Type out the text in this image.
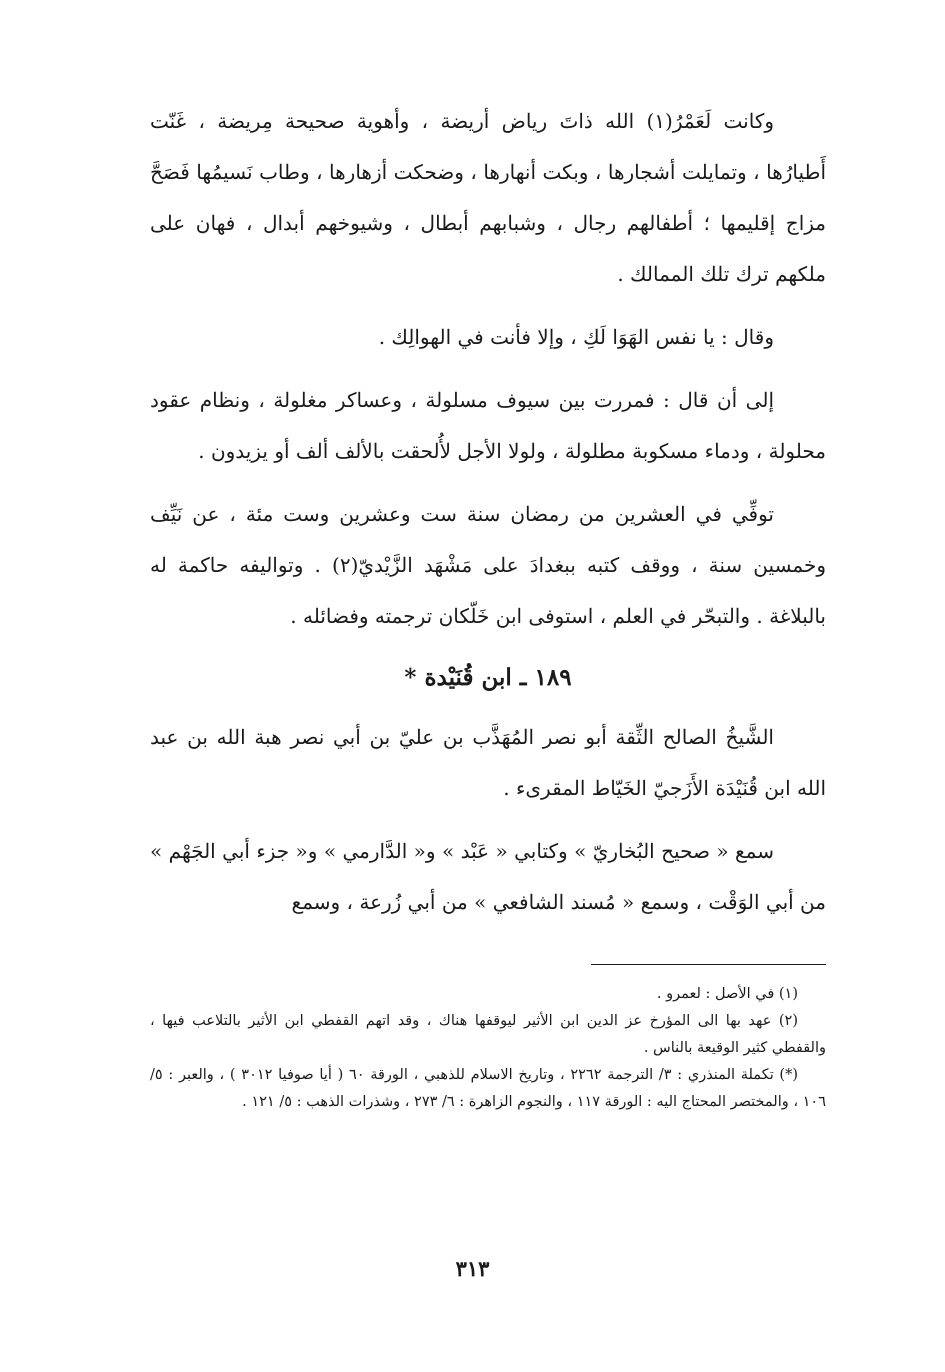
وكانت لَعَمْرُ(١) الله ذاتَ رياض أريضة ، وأهوية صحيحة مِريضة ، غَنّت أَطيارُها ، وتمايلت أشجارها ، وبكت أنهارها ، وضحكت أزهارها ، وطاب نَسيمُها فَصَحَّ مزاج إقليمها ؛ أطفالهم رجال ، وشبابهم أبطال ، وشيوخهم أبدال ، فهان على ملكهم ترك تلك الممالك .

وقال : يا نفس الهَوَا لَكِ ، وإلا فأنت في الهوالِك .

إلى أن قال : فمررت بين سيوف مسلولة ، وعساكر مغلولة ، ونظام عقود محلولة ، ودماء مسكوبة مطلولة ، ولولا الأجل لأُلحقت بالألف ألف أو يزيدون .

توفِّي في العشرين من رمضان سنة ست وعشرين وست مئة ، عن نَيِّف وخمسين سنة ، ووقف كتبه ببغدادَ على مَشْهَد الزَّيْديّ(٢) . وتواليفه حاكمة له بالبلاغة . والتبحّر في العلم ، استوفى ابن خَلّكان ترجمته وفضائله .

١٨٩ ـ ابن قُنَيْدة *

الشَّيخُ الصالح الثِّقة أبو نصر المُهَذَّب بن عليّ بن أبي نصر هبة الله بن عبد الله ابن قُنَيْدَة الأَزَجيّ الخَيّاط المقرىء .

سمع « صحيح البُخاريّ » وكتابي « عَبْد » و« الدَّارمي » و« جزء أبي الجَهْم » من أبي الوَقْت ، وسمع « مُسند الشافعي » من أبي زُرعة ، وسمع

(١) في الأصل : لعمرو .

(٢) عهد بها الى المؤرخ عز الدين ابن الأثير ليوقفها هناك ، وقد اتهم القفطي ابن الأثير بالتلاعب فيها ، والقفطي كثير الوقيعة بالناس .

(*) تكملة المنذري : ٣/ الترجمة ٢٢٦٢ ، وتاريخ الاسلام للذهبي ، الورقة ٦٠ ( أيا صوفيا ٣٠١٢ ) ، والعبر : ٥/ ١٠٦ ، والمختصر المحتاج اليه : الورقة ١١٧ ، والنجوم الزاهرة : ٦/ ٢٧٣ ، وشذرات الذهب : ٥/ ١٢١ .

٣١٣
